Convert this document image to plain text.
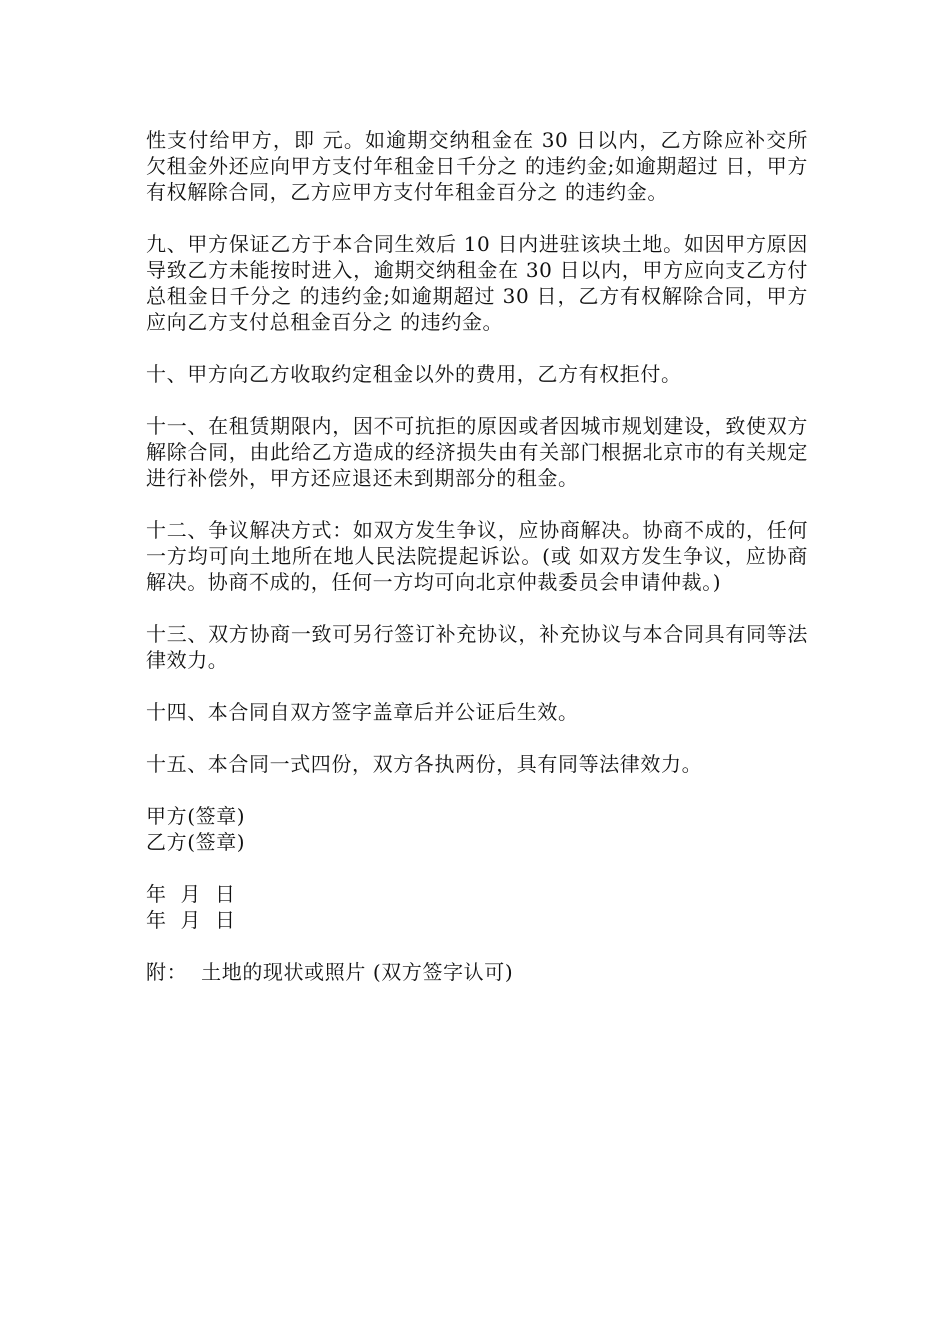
性支付给甲方，即 元。如逾期交纳租金在 30 日以内，乙方除应补交所欠租金外还应向甲方支付年租金日千分之 的违约金;如逾期超过 日，甲方有权解除合同，乙方应甲方支付年租金百分之 的违约金。

九、甲方保证乙方于本合同生效后 10 日内进驻该块土地。如因甲方原因导致乙方未能按时进入，逾期交纳租金在 30 日以内，甲方应向支乙方付总租金日千分之 的违约金;如逾期超过 30 日，乙方有权解除合同，甲方应向乙方支付总租金百分之 的违约金。

十、甲方向乙方收取约定租金以外的费用，乙方有权拒付。

十一、在租赁期限内，因不可抗拒的原因或者因城市规划建设，致使双方解除合同，由此给乙方造成的经济损失由有关部门根据北京市的有关规定进行补偿外，甲方还应退还未到期部分的租金。

十二、争议解决方式：如双方发生争议，应协商解决。协商不成的，任何一方均可向土地所在地人民法院提起诉讼。(或 如双方发生争议，应协商解决。协商不成的，任何一方均可向北京仲裁委员会申请仲裁。)

十三、双方协商一致可另行签订补充协议，补充协议与本合同具有同等法律效力。

十四、本合同自双方签字盖章后并公证后生效。

十五、本合同一式四份，双方各执两份，具有同等法律效力。

甲方(签章)
乙方(签章)
年  月  日
年  月  日
附：  土地的现状或照片 (双方签字认可)
